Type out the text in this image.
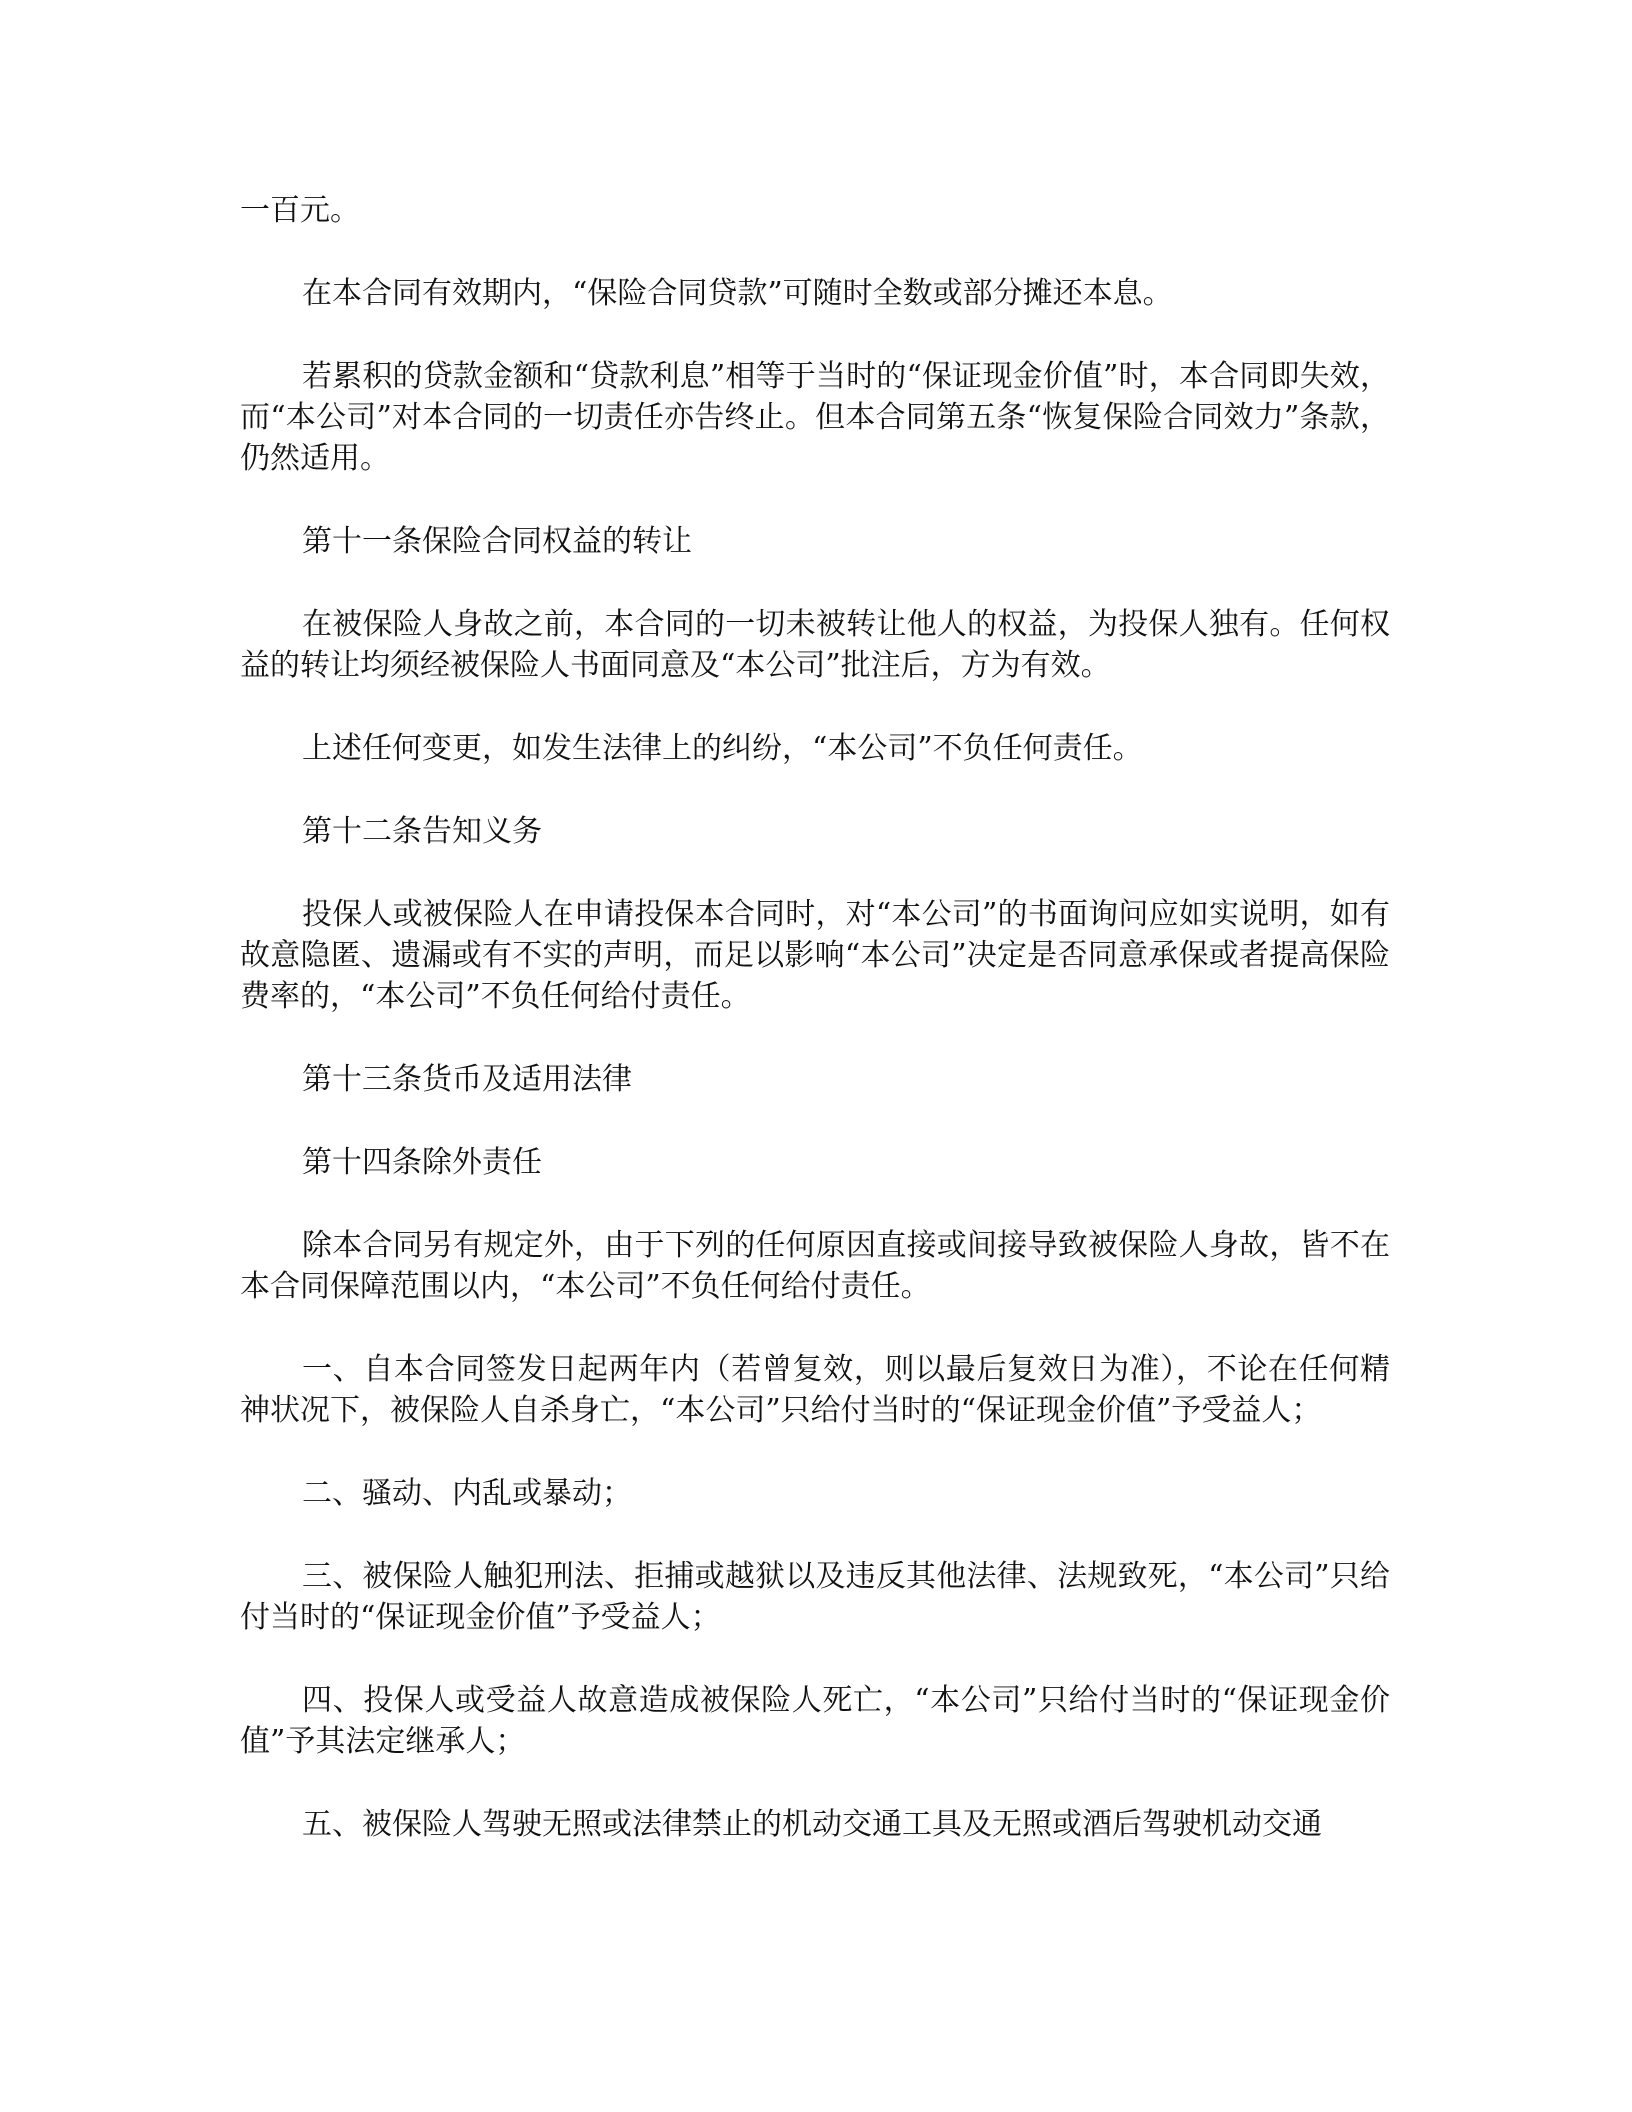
一百元。

在本合同有效期内，“保险合同贷款”可随时全数或部分摊还本息。

若累积的贷款金额和“贷款利息”相等于当时的“保证现金价值”时，本合同即失效，而“本公司”对本合同的一切责任亦告终止。但本合同第五条“恢复保险合同效力”条款，仍然适用。

第十一条保险合同权益的转让

在被保险人身故之前，本合同的一切未被转让他人的权益，为投保人独有。任何权益的转让均须经被保险人书面同意及“本公司”批注后，方为有效。

上述任何变更，如发生法律上的纠纷，“本公司”不负任何责任。

第十二条告知义务

投保人或被保险人在申请投保本合同时，对“本公司”的书面询问应如实说明，如有故意隐匿、遗漏或有不实的声明，而足以影响“本公司”决定是否同意承保或者提高保险费率的，“本公司”不负任何给付责任。

第十三条货币及适用法律

第十四条除外责任

除本合同另有规定外，由于下列的任何原因直接或间接导致被保险人身故，皆不在本合同保障范围以内，“本公司”不负任何给付责任。

一、自本合同签发日起两年内（若曾复效，则以最后复效日为准），不论在任何精神状况下，被保险人自杀身亡，“本公司”只给付当时的“保证现金价值”予受益人；

二、骚动、内乱或暴动；

三、被保险人触犯刑法、拒捕或越狱以及违反其他法律、法规致死，“本公司”只给付当时的“保证现金价值”予受益人；

四、投保人或受益人故意造成被保险人死亡，“本公司”只给付当时的“保证现金价值”予其法定继承人；

五、被保险人驾驶无照或法律禁止的机动交通工具及无照或酒后驾驶机动交通
